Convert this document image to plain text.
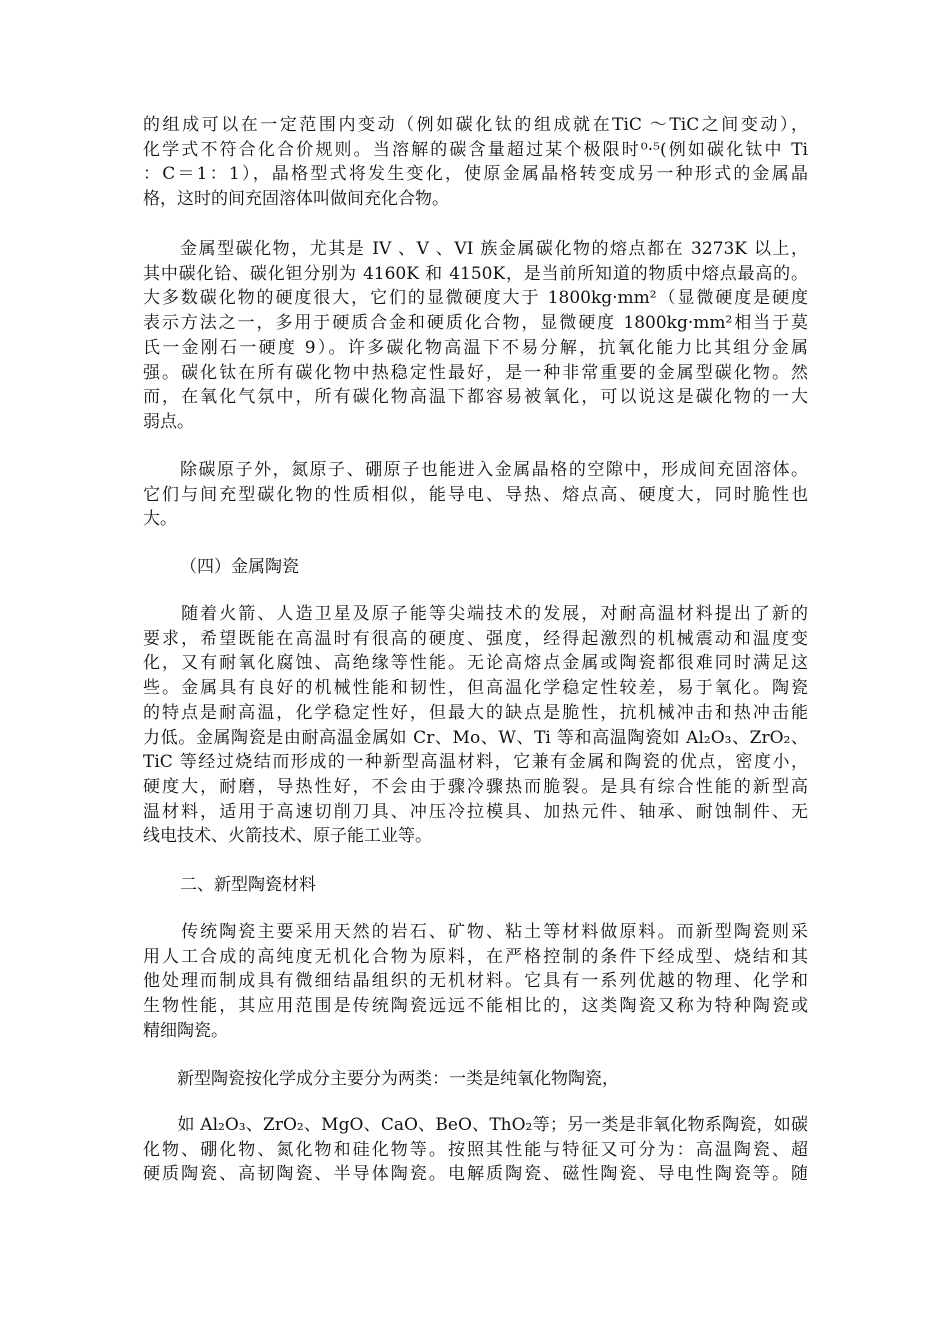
的组成可以在一定范围内变动（例如碳化钛的组成就在TiC ～TiC之间变动），
化学式不符合化合价规则。当溶解的碳含量超过某个极限时⁰·⁵(例如碳化钛中 Ti
：C＝1：1），晶格型式将发生变化，使原金属晶格转变成另一种形式的金属晶
格，这时的间充固溶体叫做间充化合物。

　　金属型碳化物，尤其是 IV 、V 、VI 族金属碳化物的熔点都在 3273K 以上，
其中碳化铪、碳化钽分别为 4160K 和 4150K，是当前所知道的物质中熔点最高的。
大多数碳化物的硬度很大，它们的显微硬度大于 1800kg·mm²（显微硬度是硬度
表示方法之一，多用于硬质合金和硬质化合物，显微硬度 1800kg·mm²相当于莫
氏一金刚石一硬度 9）。许多碳化物高温下不易分解，抗氧化能力比其组分金属
强。碳化钛在所有碳化物中热稳定性最好，是一种非常重要的金属型碳化物。然
而，在氧化气氛中，所有碳化物高温下都容易被氧化，可以说这是碳化物的一大
弱点。

　　除碳原子外，氮原子、硼原子也能进入金属晶格的空隙中，形成间充固溶体。
它们与间充型碳化物的性质相似，能导电、导热、熔点高、硬度大，同时脆性也
大。

（四）金属陶瓷

　　随着火箭、人造卫星及原子能等尖端技术的发展，对耐高温材料提出了新的
要求，希望既能在高温时有很高的硬度、强度，经得起激烈的机械震动和温度变
化，又有耐氧化腐蚀、高绝缘等性能。无论高熔点金属或陶瓷都很难同时满足这
些。金属具有良好的机械性能和韧性，但高温化学稳定性较差，易于氧化。陶瓷
的特点是耐高温，化学稳定性好，但最大的缺点是脆性，抗机械冲击和热冲击能
力低。金属陶瓷是由耐高温金属如 Cr、Mo、W、Ti 等和高温陶瓷如 Al₂O₃、ZrO₂、
TiC 等经过烧结而形成的一种新型高温材料，它兼有金属和陶瓷的优点，密度小，
硬度大，耐磨，导热性好，不会由于骤冷骤热而脆裂。是具有综合性能的新型高
温材料，适用于高速切削刀具、冲压冷拉模具、加热元件、轴承、耐蚀制件、无
线电技术、火箭技术、原子能工业等。

二、新型陶瓷材料

　　传统陶瓷主要采用天然的岩石、矿物、粘土等材料做原料。而新型陶瓷则采
用人工合成的高纯度无机化合物为原料，在严格控制的条件下经成型、烧结和其
他处理而制成具有微细结晶组织的无机材料。它具有一系列优越的物理、化学和
生物性能，其应用范围是传统陶瓷远远不能相比的，这类陶瓷又称为特种陶瓷或
精细陶瓷。

　　新型陶瓷按化学成分主要分为两类：一类是纯氧化物陶瓷，

　　如 Al₂O₃、ZrO₂、MgO、CaO、BeO、ThO₂等；另一类是非氧化物系陶瓷，如碳
化物、硼化物、氮化物和硅化物等。按照其性能与特征又可分为：高温陶瓷、超
硬质陶瓷、高韧陶瓷、半导体陶瓷。电解质陶瓷、磁性陶瓷、导电性陶瓷等。随
